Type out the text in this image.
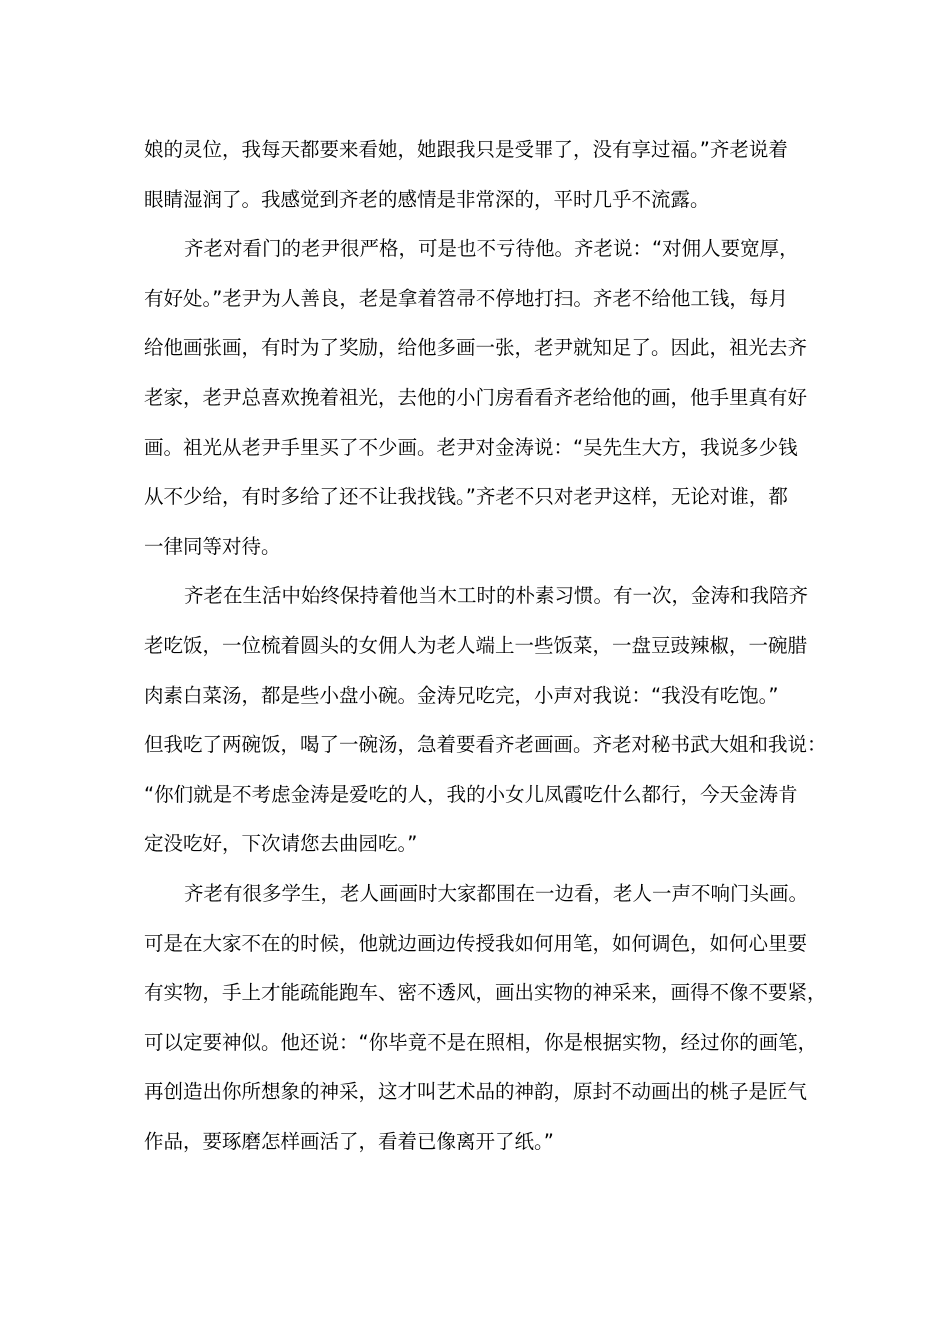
娘的灵位，我每天都要来看她，她跟我只是受罪了，没有享过福。”齐老说着
眼睛湿润了。我感觉到齐老的感情是非常深的，平时几乎不流露。
齐老对看门的老尹很严格，可是也不亏待他。齐老说：“对佣人要宽厚，
有好处。”老尹为人善良，老是拿着笤帚不停地打扫。齐老不给他工钱，每月
给他画张画，有时为了奖励，给他多画一张，老尹就知足了。因此，祖光去齐
老家，老尹总喜欢挽着祖光，去他的小门房看看齐老给他的画，他手里真有好
画。祖光从老尹手里买了不少画。老尹对金涛说：“吴先生大方，我说多少钱
从不少给，有时多给了还不让我找钱。”齐老不只对老尹这样，无论对谁，都
一律同等对待。
齐老在生活中始终保持着他当木工时的朴素习惯。有一次，金涛和我陪齐
老吃饭，一位梳着圆头的女佣人为老人端上一些饭菜，一盘豆豉辣椒，一碗腊
肉素白菜汤，都是些小盘小碗。金涛兄吃完，小声对我说：“我没有吃饱。”
但我吃了两碗饭，喝了一碗汤，急着要看齐老画画。齐老对秘书武大姐和我说：
“你们就是不考虑金涛是爱吃的人，我的小女儿凤霞吃什么都行，今天金涛肯
定没吃好，下次请您去曲园吃。”
齐老有很多学生，老人画画时大家都围在一边看，老人一声不响门头画。
可是在大家不在的时候，他就边画边传授我如何用笔，如何调色，如何心里要
有实物，手上才能疏能跑车、密不透风，画出实物的神采来，画得不像不要紧，
可以定要神似。他还说：“你毕竟不是在照相，你是根据实物，经过你的画笔，
再创造出你所想象的神采，这才叫艺术品的神韵，原封不动画出的桃子是匠气
作品，要琢磨怎样画活了，看着已像离开了纸。”
